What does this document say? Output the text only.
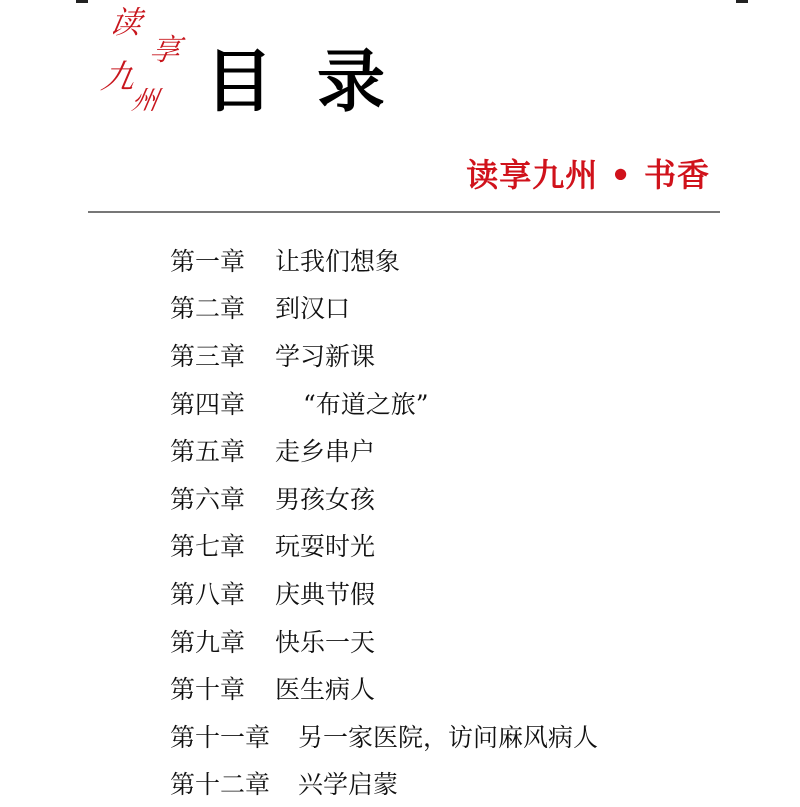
读
享
九
州 目录
读享九州 • 书香
第一章 让我们想象
第二章 到汉口
第三章 学习新课
第四章 “布道之旅”
第五章 走乡串户
第六章 男孩女孩
第七章 玩耍时光
第八章 庆典节假
第九章 快乐一天
第十章 医生病人
第十一章 另一家医院，访问麻风病人
第十二章 兴学启蒙
